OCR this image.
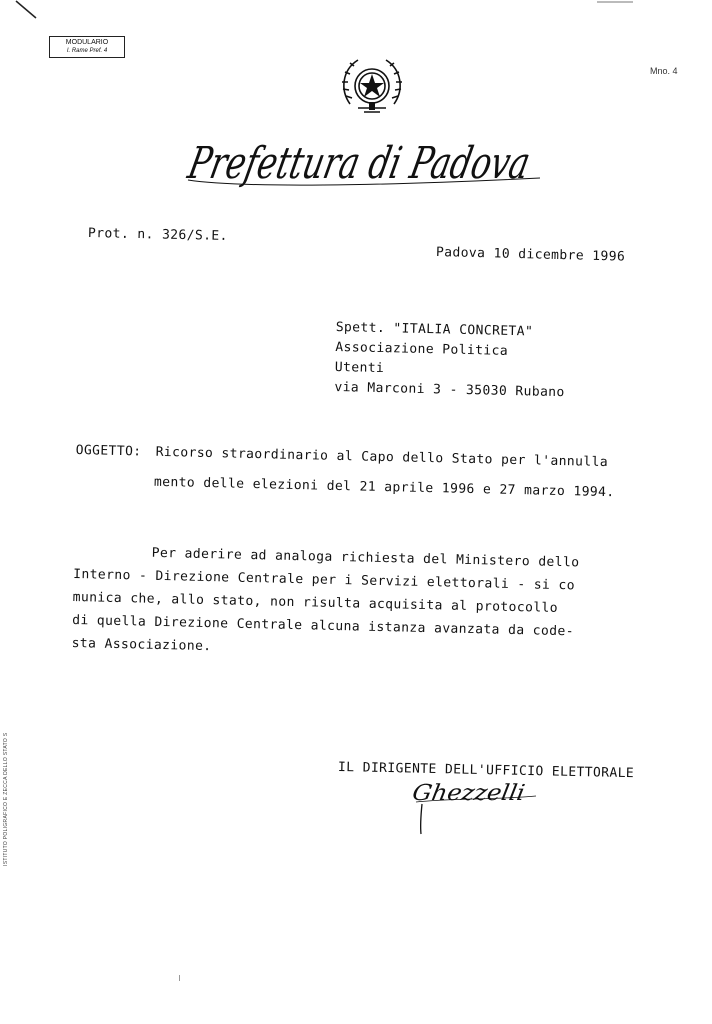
MODULARIO
I. Rame Pref. 4
Mno. 4
Prefettura di Padova
ISTITUTO POLIGRAFICO E ZECCA DELLO STATO S
Prot. n. 326/S.E.
Padova 10 dicembre 1996
Spett. "ITALIA CONCRETA"
Associazione Politica
Utenti
via Marconi 3 - 35030 Rubano
OGGETTO: Ricorso straordinario al Capo dello Stato per l'annulla
mento delle elezioni del 21 aprile 1996 e 27 marzo 1994.
Per aderire ad analoga richiesta del Ministero dello
Interno - Direzione Centrale per i Servizi elettorali - si co
munica che, allo stato, non risulta acquisita al protocollo
di quella Direzione Centrale alcuna istanza avanzata da code-
sta Associazione.
IL DIRIGENTE DELL'UFFICIO ELETTORALE
Ghezzelli
